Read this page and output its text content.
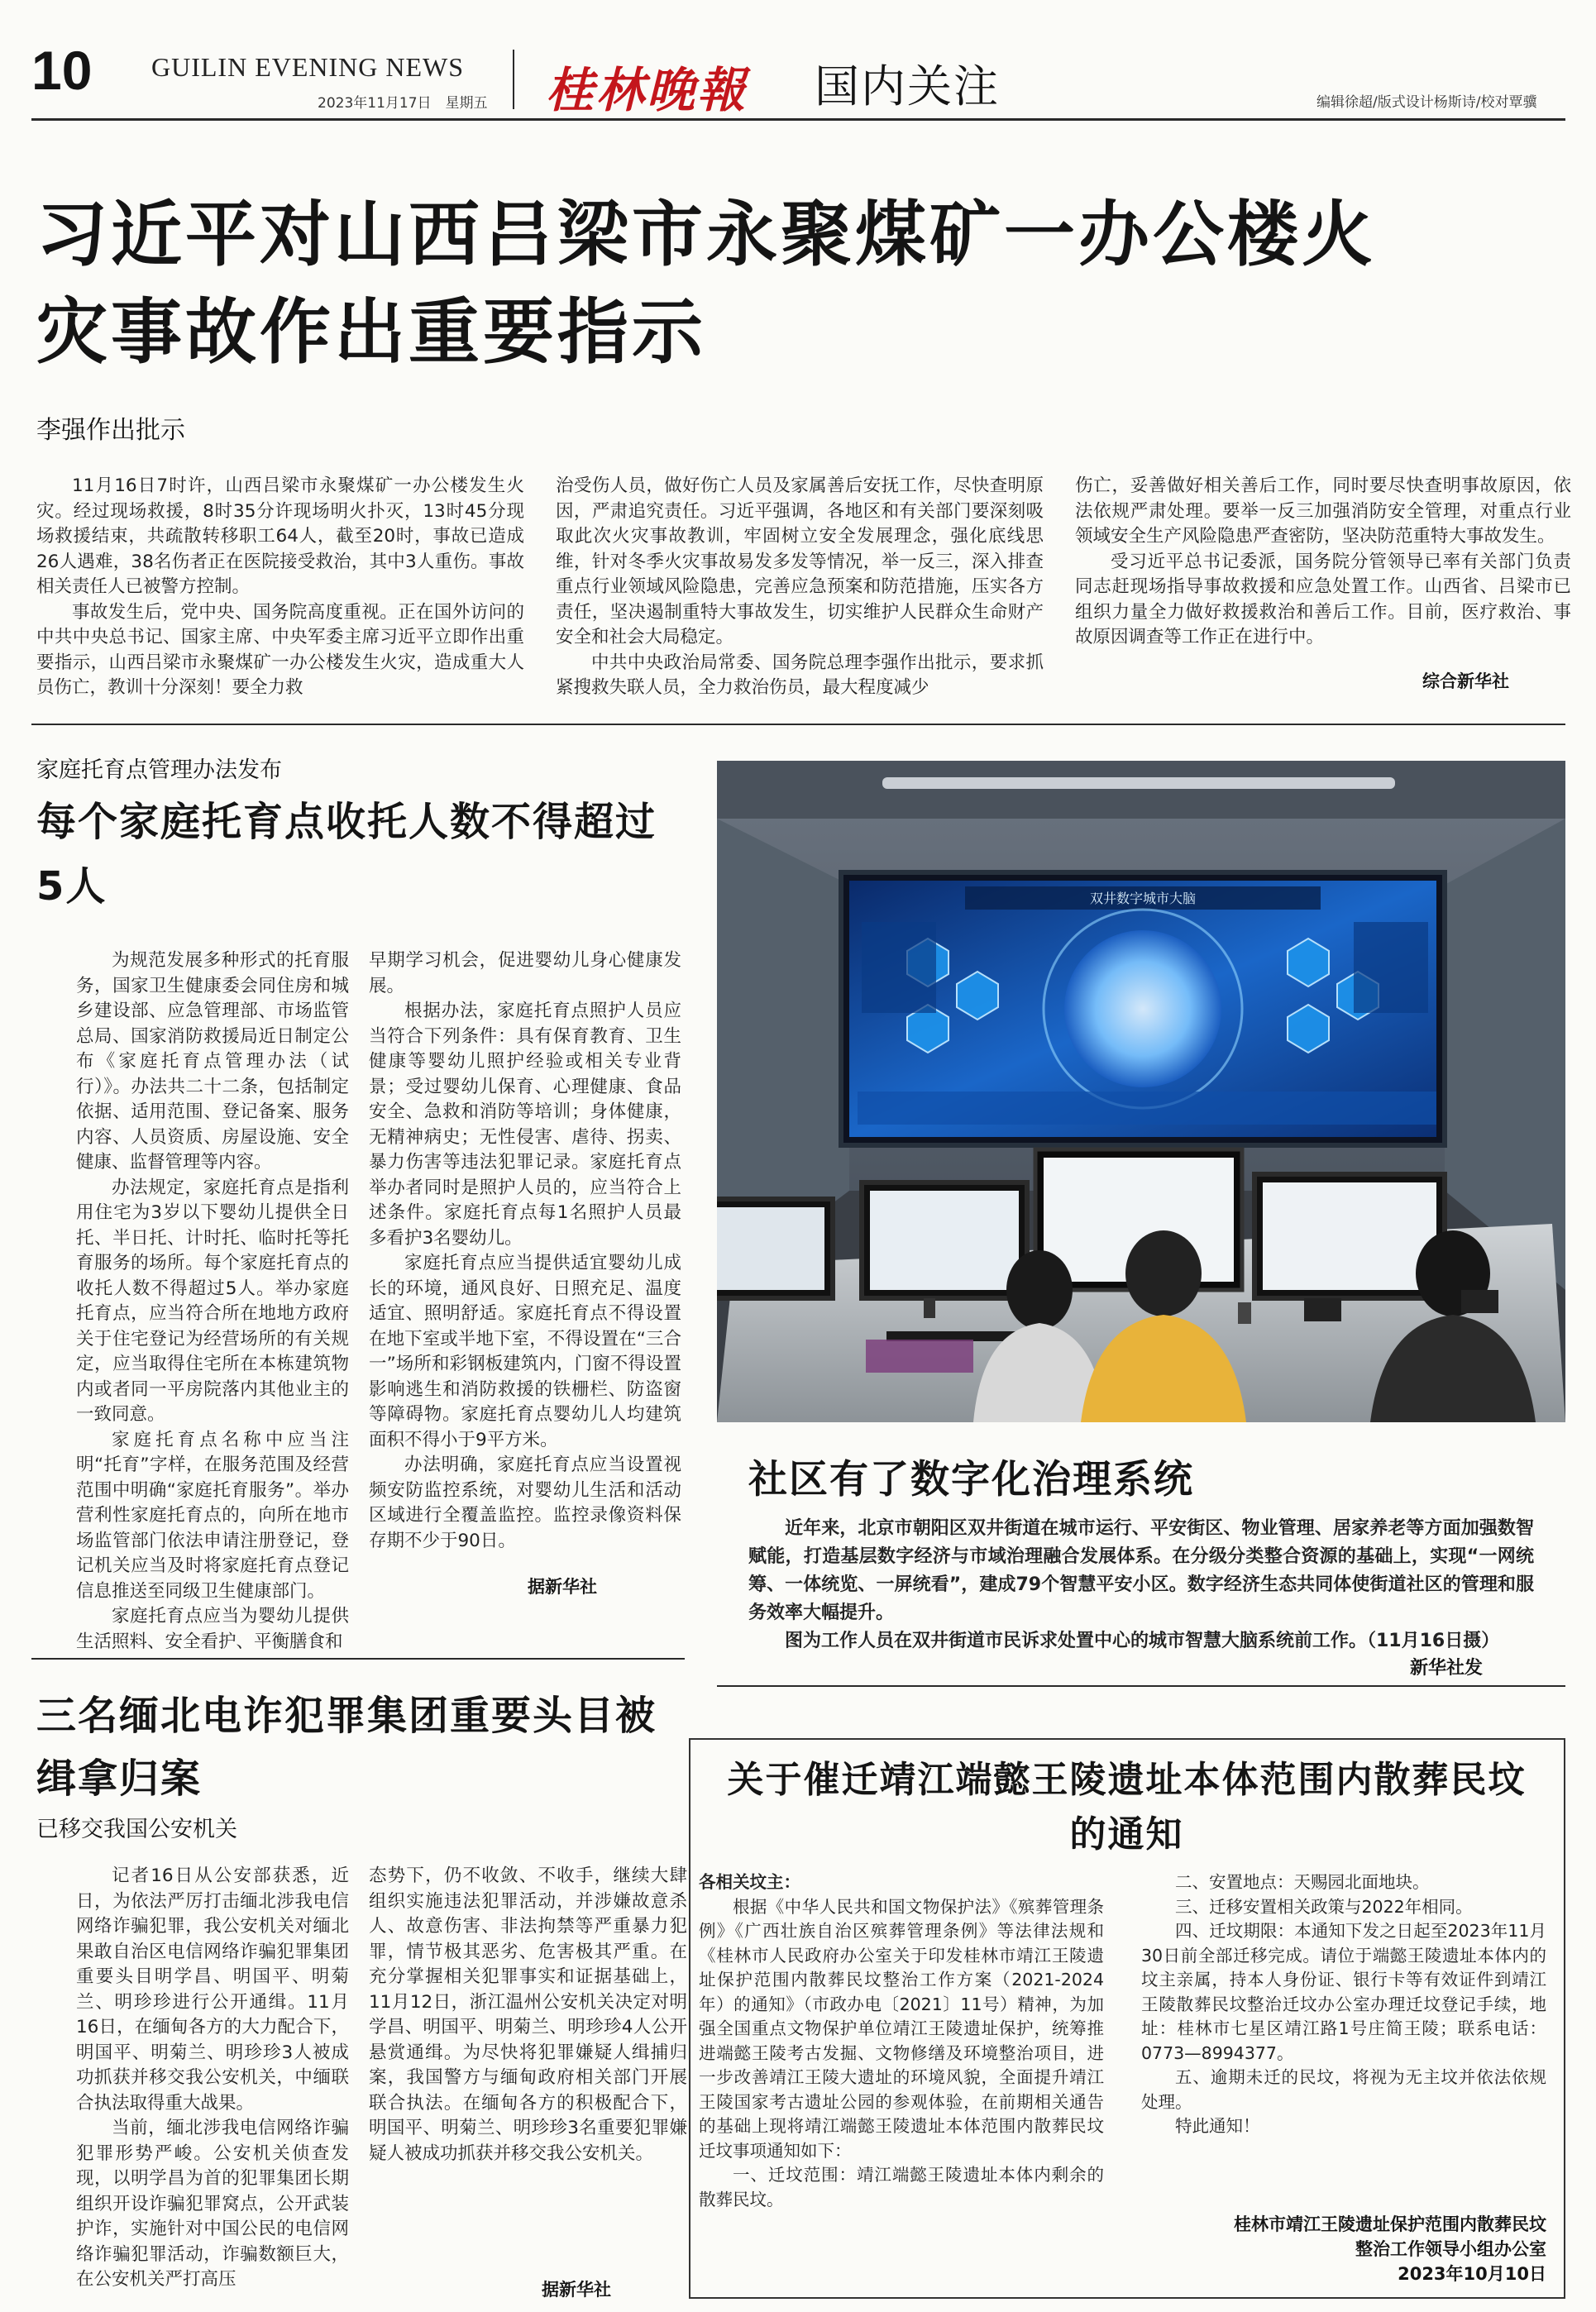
10 GUILIN EVENING NEWS
2023年11月17日　星期五 桂林晚報 国内关注	编辑徐超/版式设计杨斯诗/校对覃骥
习近平对山西吕梁市永聚煤矿一办公楼火灾事故作出重要指示
李强作出批示

11月16日7时许，山西吕梁市永聚煤矿一办公楼发生火灾。经过现场救援，8时35分许现场明火扑灭，13时45分现场救援结束，共疏散转移职工64人，截至20时，事故已造成26人遇难，38名伤者正在医院接受救治，其中3人重伤。事故相关责任人已被警方控制。

事故发生后，党中央、国务院高度重视。正在国外访问的中共中央总书记、国家主席、中央军委主席习近平立即作出重要指示，山西吕梁市永聚煤矿一办公楼发生火灾，造成重大人员伤亡，教训十分深刻！要全力救

治受伤人员，做好伤亡人员及家属善后安抚工作，尽快查明原因，严肃追究责任。习近平强调，各地区和有关部门要深刻吸取此次火灾事故教训，牢固树立安全发展理念，强化底线思维，针对冬季火灾事故易发多发等情况，举一反三，深入排查重点行业领域风险隐患，完善应急预案和防范措施，压实各方责任，坚决遏制重特大事故发生，切实维护人民群众生命财产安全和社会大局稳定。

中共中央政治局常委、国务院总理李强作出批示，要求抓紧搜救失联人员，全力救治伤员，最大程度减少

伤亡，妥善做好相关善后工作，同时要尽快查明事故原因，依法依规严肃处理。要举一反三加强消防安全管理，对重点行业领域安全生产风险隐患严查密防，坚决防范重特大事故发生。

受习近平总书记委派，国务院分管领导已率有关部门负责同志赶现场指导事故救援和应急处置工作。山西省、吕梁市已组织力量全力做好救援救治和善后工作。目前，医疗救治、事故原因调查等工作正在进行中。

综合新华社
家庭托育点管理办法发布
每个家庭托育点收托人数不得超过5人

为规范发展多种形式的托育服务，国家卫生健康委会同住房和城乡建设部、应急管理部、市场监管总局、国家消防救援局近日制定公布《家庭托育点管理办法（试行）》。办法共二十二条，包括制定依据、适用范围、登记备案、服务内容、人员资质、房屋设施、安全健康、监督管理等内容。

办法规定，家庭托育点是指利用住宅为3岁以下婴幼儿提供全日托、半日托、计时托、临时托等托育服务的场所。每个家庭托育点的收托人数不得超过5人。举办家庭托育点，应当符合所在地地方政府关于住宅登记为经营场所的有关规定，应当取得住宅所在本栋建筑物内或者同一平房院落内其他业主的一致同意。

家庭托育点名称中应当注明“托育”字样，在服务范围及经营范围中明确“家庭托育服务”。举办营利性家庭托育点的，向所在地市场监管部门依法申请注册登记，登记机关应当及时将家庭托育点登记信息推送至同级卫生健康部门。

家庭托育点应当为婴幼儿提供生活照料、安全看护、平衡膳食和

早期学习机会，促进婴幼儿身心健康发展。

根据办法，家庭托育点照护人员应当符合下列条件：具有保育教育、卫生健康等婴幼儿照护经验或相关专业背景；受过婴幼儿保育、心理健康、食品安全、急救和消防等培训；身体健康，无精神病史；无性侵害、虐待、拐卖、暴力伤害等违法犯罪记录。家庭托育点举办者同时是照护人员的，应当符合上述条件。家庭托育点每1名照护人员最多看护3名婴幼儿。

家庭托育点应当提供适宜婴幼儿成长的环境，通风良好、日照充足、温度适宜、照明舒适。家庭托育点不得设置在地下室或半地下室，不得设置在“三合一”场所和彩钢板建筑内，门窗不得设置影响逃生和消防救援的铁栅栏、防盗窗等障碍物。家庭托育点婴幼儿人均建筑面积不得小于9平方米。

办法明确，家庭托育点应当设置视频安防监控系统，对婴幼儿生活和活动区域进行全覆盖监控。监控录像资料保存期不少于90日。

据新华社
双井数字城市大脑
社区有了数字化治理系统

近年来，北京市朝阳区双井街道在城市运行、平安街区、物业管理、居家养老等方面加强数智赋能，打造基层数字经济与市域治理融合发展体系。在分级分类整合资源的基础上，实现“一网统筹、一体统览、一屏统看”，建成79个智慧平安小区。数字经济生态共同体使街道社区的管理和服务效率大幅提升。

图为工作人员在双井街道市民诉求处置中心的城市智慧大脑系统前工作。（11月16日摄）

新华社发
三名缅北电诈犯罪集团重要头目被缉拿归案
已移交我国公安机关

记者16日从公安部获悉，近日，为依法严厉打击缅北涉我电信网络诈骗犯罪，我公安机关对缅北果敢自治区电信网络诈骗犯罪集团重要头目明学昌、明国平、明菊兰、明珍珍进行公开通缉。11月16日，在缅甸各方的大力配合下，明国平、明菊兰、明珍珍3人被成功抓获并移交我公安机关，中缅联合执法取得重大战果。

当前，缅北涉我电信网络诈骗犯罪形势严峻。公安机关侦查发现，以明学昌为首的犯罪集团长期组织开设诈骗犯罪窝点，公开武装护诈，实施针对中国公民的电信网络诈骗犯罪活动，诈骗数额巨大，在公安机关严打高压

态势下，仍不收敛、不收手，继续大肆组织实施违法犯罪活动，并涉嫌故意杀人、故意伤害、非法拘禁等严重暴力犯罪，情节极其恶劣、危害极其严重。在充分掌握相关犯罪事实和证据基础上，11月12日，浙江温州公安机关决定对明学昌、明国平、明菊兰、明珍珍4人公开悬赏通缉。为尽快将犯罪嫌疑人缉捕归案，我国警方与缅甸政府相关部门开展联合执法。在缅甸各方的积极配合下，明国平、明菊兰、明珍珍3名重要犯罪嫌疑人被成功抓获并移交我公安机关。

据新华社
关于催迁靖江端懿王陵遗址本体范围内散葬民坟的通知

各相关坟主：

根据《中华人民共和国文物保护法》《殡葬管理条例》《广西壮族自治区殡葬管理条例》等法律法规和《桂林市人民政府办公室关于印发桂林市靖江王陵遗址保护范围内散葬民坟整治工作方案（2021-2024年）的通知》（市政办电〔2021〕11号）精神，为加强全国重点文物保护单位靖江王陵遗址保护，统筹推进端懿王陵考古发掘、文物修缮及环境整治项目，进一步改善靖江王陵大遗址的环境风貌，全面提升靖江王陵国家考古遗址公园的参观体验，在前期相关通告的基础上现将靖江端懿王陵遗址本体范围内散葬民坟迁坟事项通知如下：

一、迁坟范围：靖江端懿王陵遗址本体内剩余的散葬民坟。

二、安置地点：天赐园北面地块。

三、迁移安置相关政策与2022年相同。

四、迁坟期限：本通知下发之日起至2023年11月30日前全部迁移完成。请位于端懿王陵遗址本体内的坟主亲属，持本人身份证、银行卡等有效证件到靖江王陵散葬民坟整治迁坟办公室办理迁坟登记手续，地址：桂林市七星区靖江路1号庄简王陵；联系电话：0773—8994377。

五、逾期未迁的民坟，将视为无主坟并依法依规处理。

特此通知！

桂林市靖江王陵遗址保护范围内散葬民坟整治工作领导小组办公室
2023年10月10日
